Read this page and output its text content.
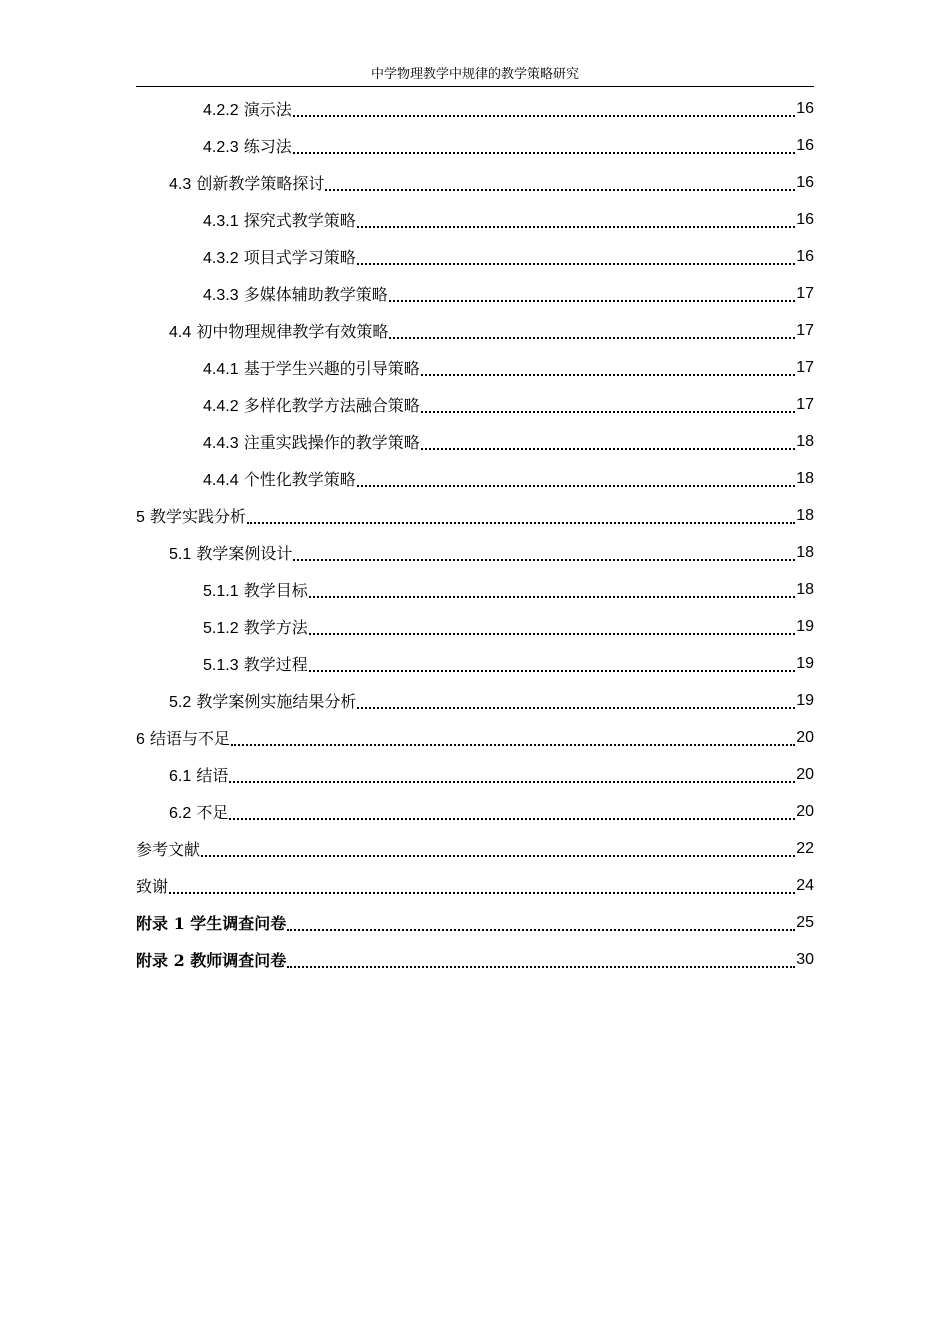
中学物理教学中规律的教学策略研究
4.2.2 演示法	16
4.2.3 练习法	16
4.3 创新教学策略探讨	16
4.3.1 探究式教学策略	16
4.3.2 项目式学习策略	16
4.3.3 多媒体辅助教学策略	17
4.4 初中物理规律教学有效策略	17
4.4.1 基于学生兴趣的引导策略	17
4.4.2 多样化教学方法融合策略	17
4.4.3 注重实践操作的教学策略	18
4.4.4 个性化教学策略	18
5 教学实践分析	18
5.1 教学案例设计	18
5.1.1 教学目标	18
5.1.2 教学方法	19
5.1.3 教学过程	19
5.2 教学案例实施结果分析	19
6 结语与不足	20
6.1 结语	20
6.2 不足	20
参考文献	22
致谢	24
附录 1 学生调查问卷	25
附录 2 教师调查问卷	30
